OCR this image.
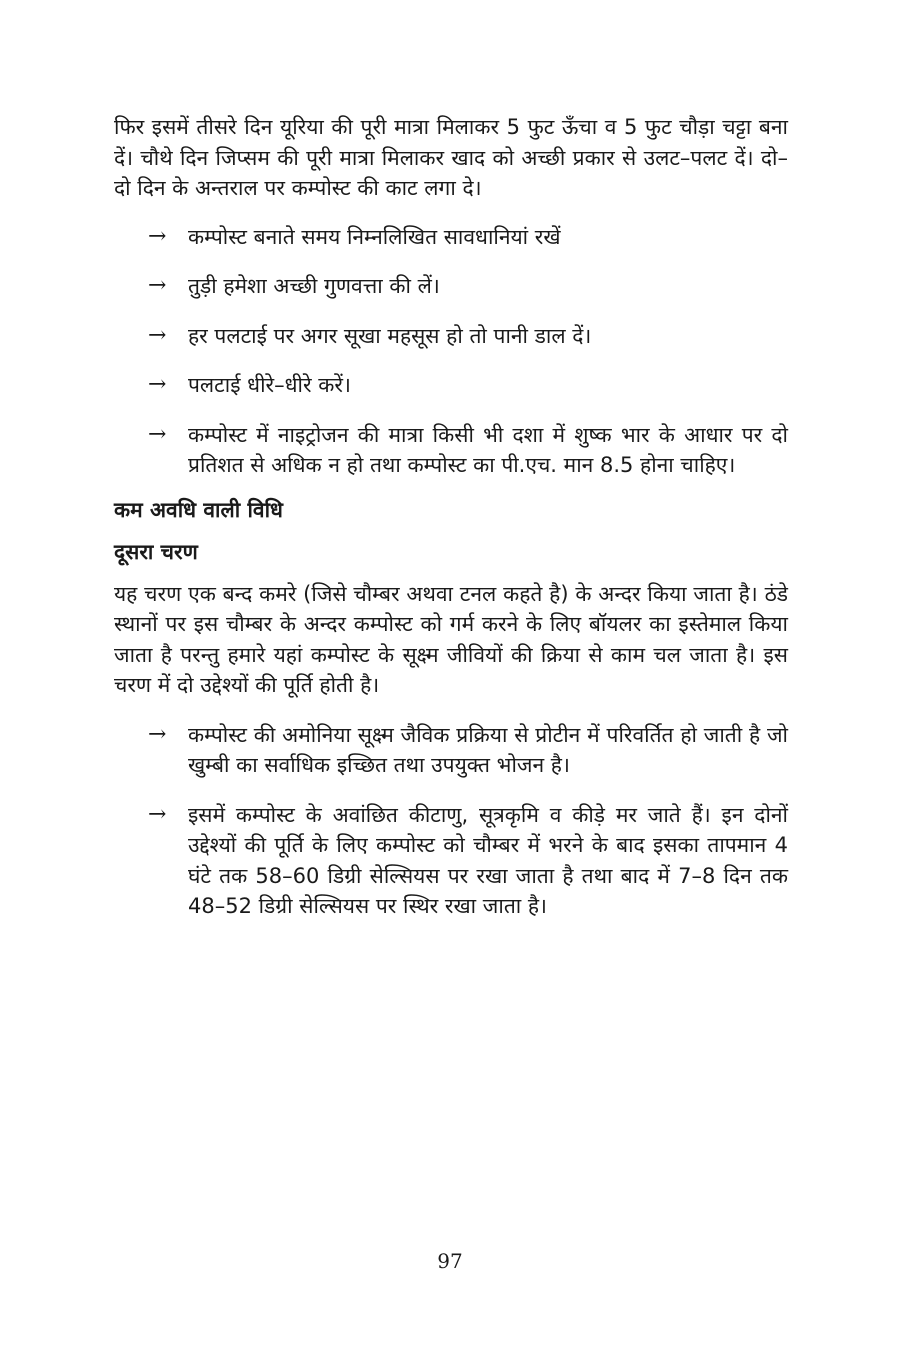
फिर इसमें तीसरे दिन यूरिया की पूरी मात्रा मिलाकर 5 फुट ऊँचा व 5 फुट चौड़ा चट्टा बना दें। चौथे दिन जिप्सम की पूरी मात्रा मिलाकर खाद को अच्छी प्रकार से उलट–पलट दें। दो–दो दिन के अन्तराल पर कम्पोस्ट की काट लगा दे।

→ कम्पोस्ट बनाते समय निम्नलिखित सावधानियां रखें
→ तुड़ी हमेशा अच्छी गुणवत्ता की लें।
→ हर पलटाई पर अगर सूखा महसूस हो तो पानी डाल दें।
→ पलटाई धीरे–धीरे करें।
→ कम्पोस्ट में नाइट्रोजन की मात्रा किसी भी दशा में शुष्क भार के आधार पर दो प्रतिशत से अधिक न हो तथा कम्पोस्ट का पी.एच. मान 8.5 होना चाहिए।
कम अवधि वाली विधि
दूसरा चरण

यह चरण एक बन्द कमरे (जिसे चौम्बर अथवा टनल कहते है) के अन्दर किया जाता है। ठंडे स्थानों पर इस चौम्बर के अन्दर कम्पोस्ट को गर्म करने के लिए बॉयलर का इस्तेमाल किया जाता है परन्तु हमारे यहां कम्पोस्ट के सूक्ष्म जीवियों की क्रिया से काम चल जाता है। इस चरण में दो उद्देश्यों की पूर्ति होती है।

→ कम्पोस्ट की अमोनिया सूक्ष्म जैविक प्रक्रिया से प्रोटीन में परिवर्तित हो जाती है जो खुम्बी का सर्वाधिक इच्छित तथा उपयुक्त भोजन है।
→ इसमें कम्पोस्ट के अवांछित कीटाणु, सूत्रकृमि व कीड़े मर जाते हैं। इन दोनों उद्देश्यों की पूर्ति के लिए कम्पोस्ट को चौम्बर में भरने के बाद इसका तापमान 4 घंटे तक 58–60 डिग्री सेल्सियस पर रखा जाता है तथा बाद में 7–8 दिन तक 48–52 डिग्री सेल्सियस पर स्थिर रखा जाता है।
97
